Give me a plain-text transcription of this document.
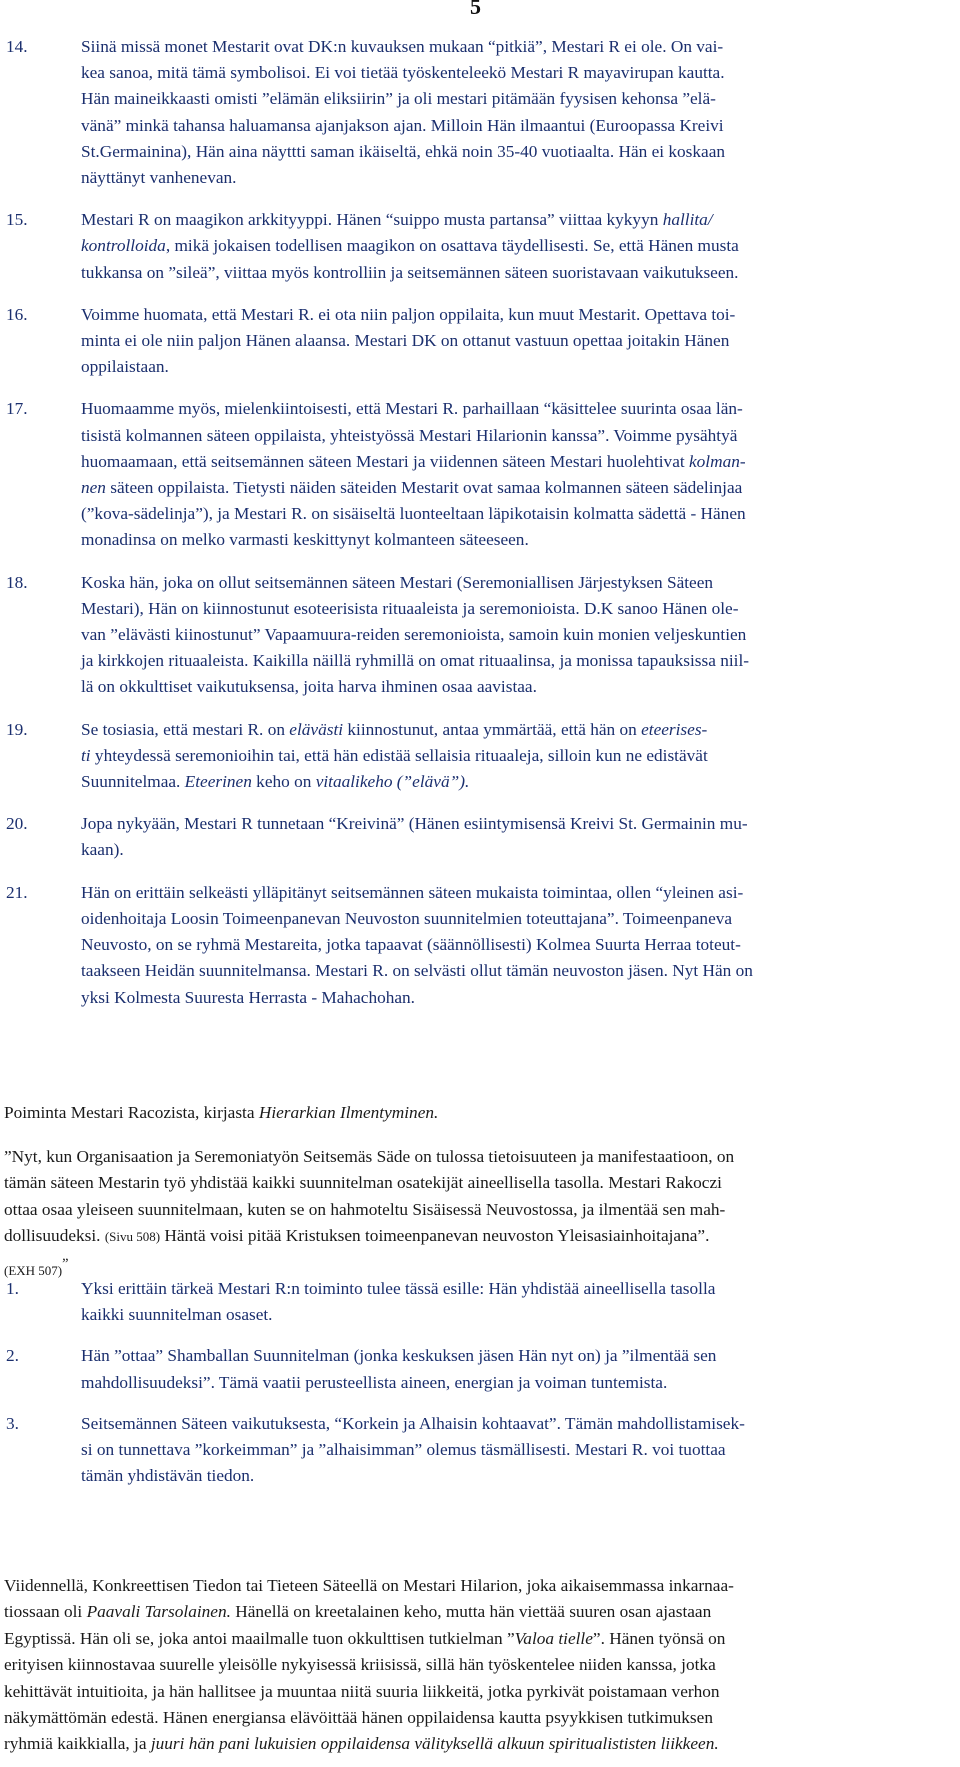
5

14.	Siinä missä monet Mestarit ovat DK:n kuvauksen mukaan “pitkiä”, Mestari R ei ole. On vai-
kea sanoa, mitä tämä symbolisoi. Ei voi tietää työskenteleekö Mestari R mayavirupan kautta.
Hän maineikkaasti omisti ”elämän eliksiirin” ja oli mestari pitämään fyysisen kehonsa ”elä-
vänä” minkä tahansa haluamansa ajanjakson ajan. Milloin Hän ilmaantui (Euroopassa Kreivi
St.Germainina), Hän aina näyttti saman ikäiseltä, ehkä noin 35-40 vuotiaalta. Hän ei koskaan
näyttänyt vanhenevan.

15.	Mestari R on maagikon arkkityyppi. Hänen “suippo musta partansa” viittaa kykyyn hallita/
kontrolloida, mikä jokaisen todellisen maagikon on osattava täydellisesti. Se, että Hänen musta
tukkansa on ”sileä”, viittaa myös kontrolliin ja seitsemännen säteen suoristavaan vaikutukseen.

16.	Voimme huomata, että Mestari R. ei ota niin paljon oppilaita, kun muut Mestarit. Opettava toi-
minta ei ole niin paljon Hänen alaansa. Mestari DK on ottanut vastuun opettaa joitakin Hänen
oppilaistaan.

17.	Huomaamme myös, mielenkiintoisesti, että Mestari R. parhaillaan “käsittelee suurinta osaa län-
tisistä kolmannen säteen oppilaista, yhteistyössä Mestari Hilarionin kanssa”. Voimme pysähtyä
huomaamaan, että seitsemännen säteen Mestari ja viidennen säteen Mestari huolehtivat kolman-
nen säteen oppilaista. Tietysti näiden säteiden Mestarit ovat samaa kolmannen säteen sädelinjaa
(”kova-sädelinja”), ja Mestari R. on sisäiseltä luonteeltaan läpikotaisin kolmatta sädettä - Hänen
monadinsa on melko varmasti keskittynyt kolmanteen säteeseen.

18.	Koska hän, joka on ollut seitsemännen säteen Mestari (Seremoniallisen Järjestyksen Säteen
Mestari), Hän on kiinnostunut esoteerisista rituaaleista ja seremonioista. D.K sanoo Hänen ole-
van ”elävästi kiinostunut” Vapaamuura-reiden seremonioista, samoin kuin monien veljeskuntien
ja kirkkojen rituaaleista. Kaikilla näillä ryhmillä on omat rituaalinsa, ja monissa tapauksissa niil-
lä on okkulttiset vaikutuksensa, joita harva ihminen osaa aavistaa.

19.	Se tosiasia, että mestari R. on elävästi kiinnostunut, antaa ymmärtää, että hän on eteerises-
ti yhteydessä seremonioihin tai, että hän edistää sellaisia rituaaleja, silloin kun ne edistävät
Suunnitelmaa. Eteerinen keho on vitaalikeho (”elävä”).

20.	Jopa nykyään, Mestari R tunnetaan “Kreivinä” (Hänen esiintymisensä Kreivi St. Germainin mu-
kaan).

21.	Hän on erittäin selkeästi ylläpitänyt seitsemännen säteen mukaista toimintaa, ollen “yleinen asi-
oidenhoitaja Loosin Toimeenpanevan Neuvoston suunnitelmien toteuttajana”. Toimeenpaneva
Neuvosto, on se ryhmä Mestareita, jotka tapaavat (säännöllisesti) Kolmea Suurta Herraa toteut-
taakseen Heidän suunnitelmansa. Mestari R. on selvästi ollut tämän neuvoston jäsen. Nyt Hän on
yksi Kolmesta Suuresta Herrasta - Mahachohan.

Poiminta Mestari Racozista, kirjasta Hierarkian Ilmentyminen.

”Nyt, kun Organisaation ja Seremoniatyön Seitsemäs Säde on tulossa tietoisuuteen ja manifestaatioon, on
tämän säteen Mestarin työ yhdistää kaikki suunnitelman osatekijät aineellisella tasolla. Mestari Rakoczi
ottaa osaa yleiseen suunnitelmaan, kuten se on hahmoteltu Sisäisessä Neuvostossa, ja ilmentää sen mah-
dollisuudeksi. (Sivu 508) Häntä voisi pitää Kristuksen toimeenpanevan neuvoston Yleisasiainhoitajana”.
(EXH 507)”

1.	Yksi erittäin tärkeä Mestari R:n toiminto tulee tässä esille: Hän yhdistää aineellisella tasolla
kaikki suunnitelman osaset.

2.	Hän ”ottaa” Shamballan Suunnitelman (jonka keskuksen jäsen Hän nyt on) ja ”ilmentää sen
mahdollisuudeksi”. Tämä vaatii perusteellista aineen, energian ja voiman tuntemista.

3.	Seitsemännen Säteen vaikutuksesta, “Korkein ja Alhaisin kohtaavat”. Tämän mahdollistamisek-
si on tunnettava ”korkeimman” ja ”alhaisimman” olemus täsmällisesti. Mestari R. voi tuottaa
tämän yhdistävän tiedon.

Viidennellä, Konkreettisen Tiedon tai Tieteen Säteellä on Mestari Hilarion, joka aikaisemmassa inkarnaa-
tiossaan oli Paavali Tarsolainen. Hänellä on kreetalainen keho, mutta hän viettää suuren osan ajastaan
Egyptissä. Hän oli se, joka antoi maailmalle tuon okkulttisen tutkielman ”Valoa tielle”. Hänen työnsä on
erityisen kiinnostavaa suurelle yleisölle nykyisessä kriisissä, sillä hän työskentelee niiden kanssa, jotka
kehittävät intuitioita, ja hän hallitsee ja muuntaa niitä suuria liikkeitä, jotka pyrkivät poistamaan verhon
näkymättömän edestä. Hänen energiansa elävöittää hänen oppilaidensa kautta psyykkisen tutkimuksen
ryhmiä kaikkialla, ja juuri hän pani lukuisien oppilaidensa välityksellä alkuun spiritualististen liikkeen.
